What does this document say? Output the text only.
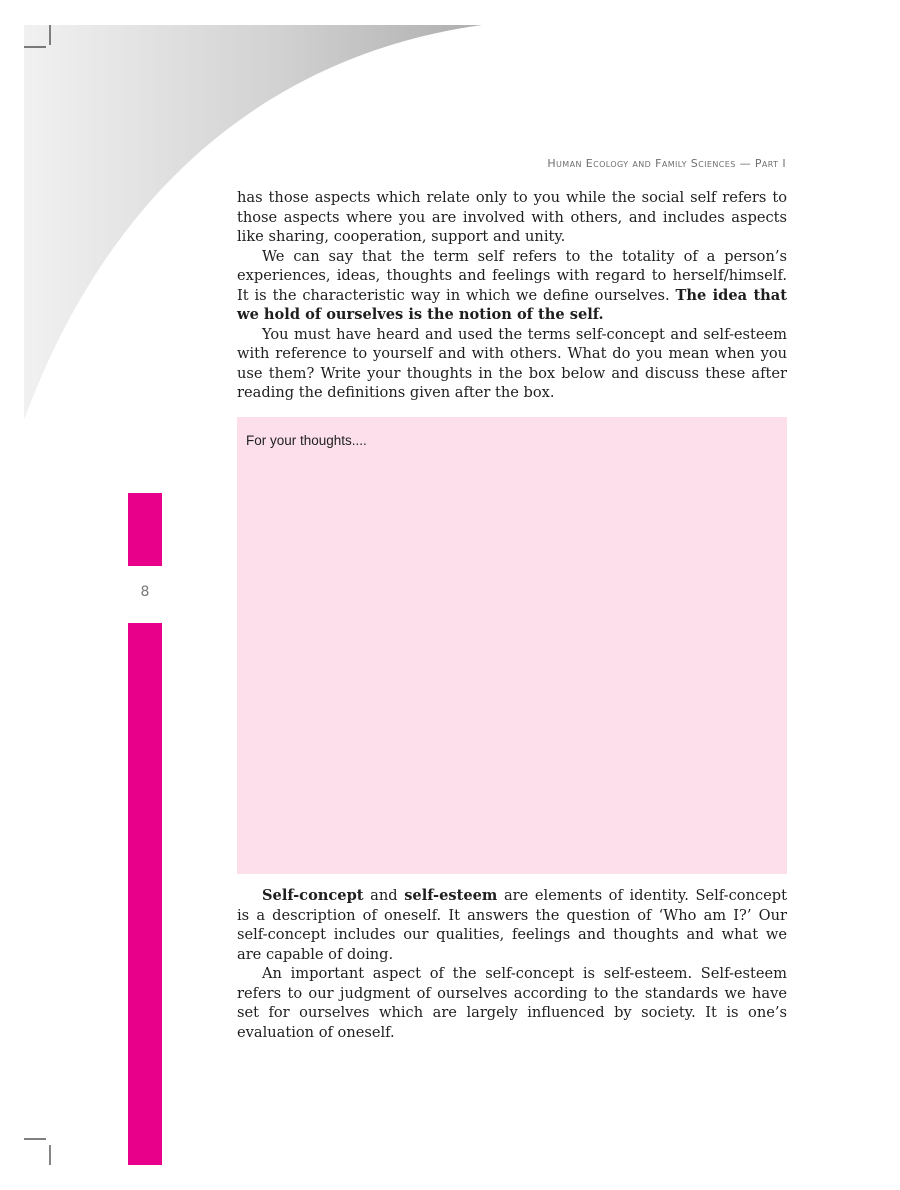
Human Ecology and Family Sciences — Part I
8

has those aspects which relate only to you while the social self refers to those aspects where you are involved with others, and includes aspects like sharing, cooperation, support and unity.

We can say that the term self refers to the totality of a person’s experiences, ideas, thoughts and feelings with regard to herself/himself. It is the characteristic way in which we define ourselves. The idea that we hold of ourselves is the notion of the self.

You must have heard and used the terms self-concept and self-esteem with reference to yourself and with others. What do you mean when you use them? Write your thoughts in the box below and discuss these after reading the definitions given after the box.

For your thoughts....

Self-concept and self-esteem are elements of identity. Self-concept is a description of oneself. It answers the question of ‘Who am I?’ Our self-concept includes our qualities, feelings and thoughts and what we are capable of doing.

An important aspect of the self-concept is self-esteem. Self-esteem refers to our judgment of ourselves according to the standards we have set for ourselves which are largely influenced by society. It is one’s evaluation of oneself.
